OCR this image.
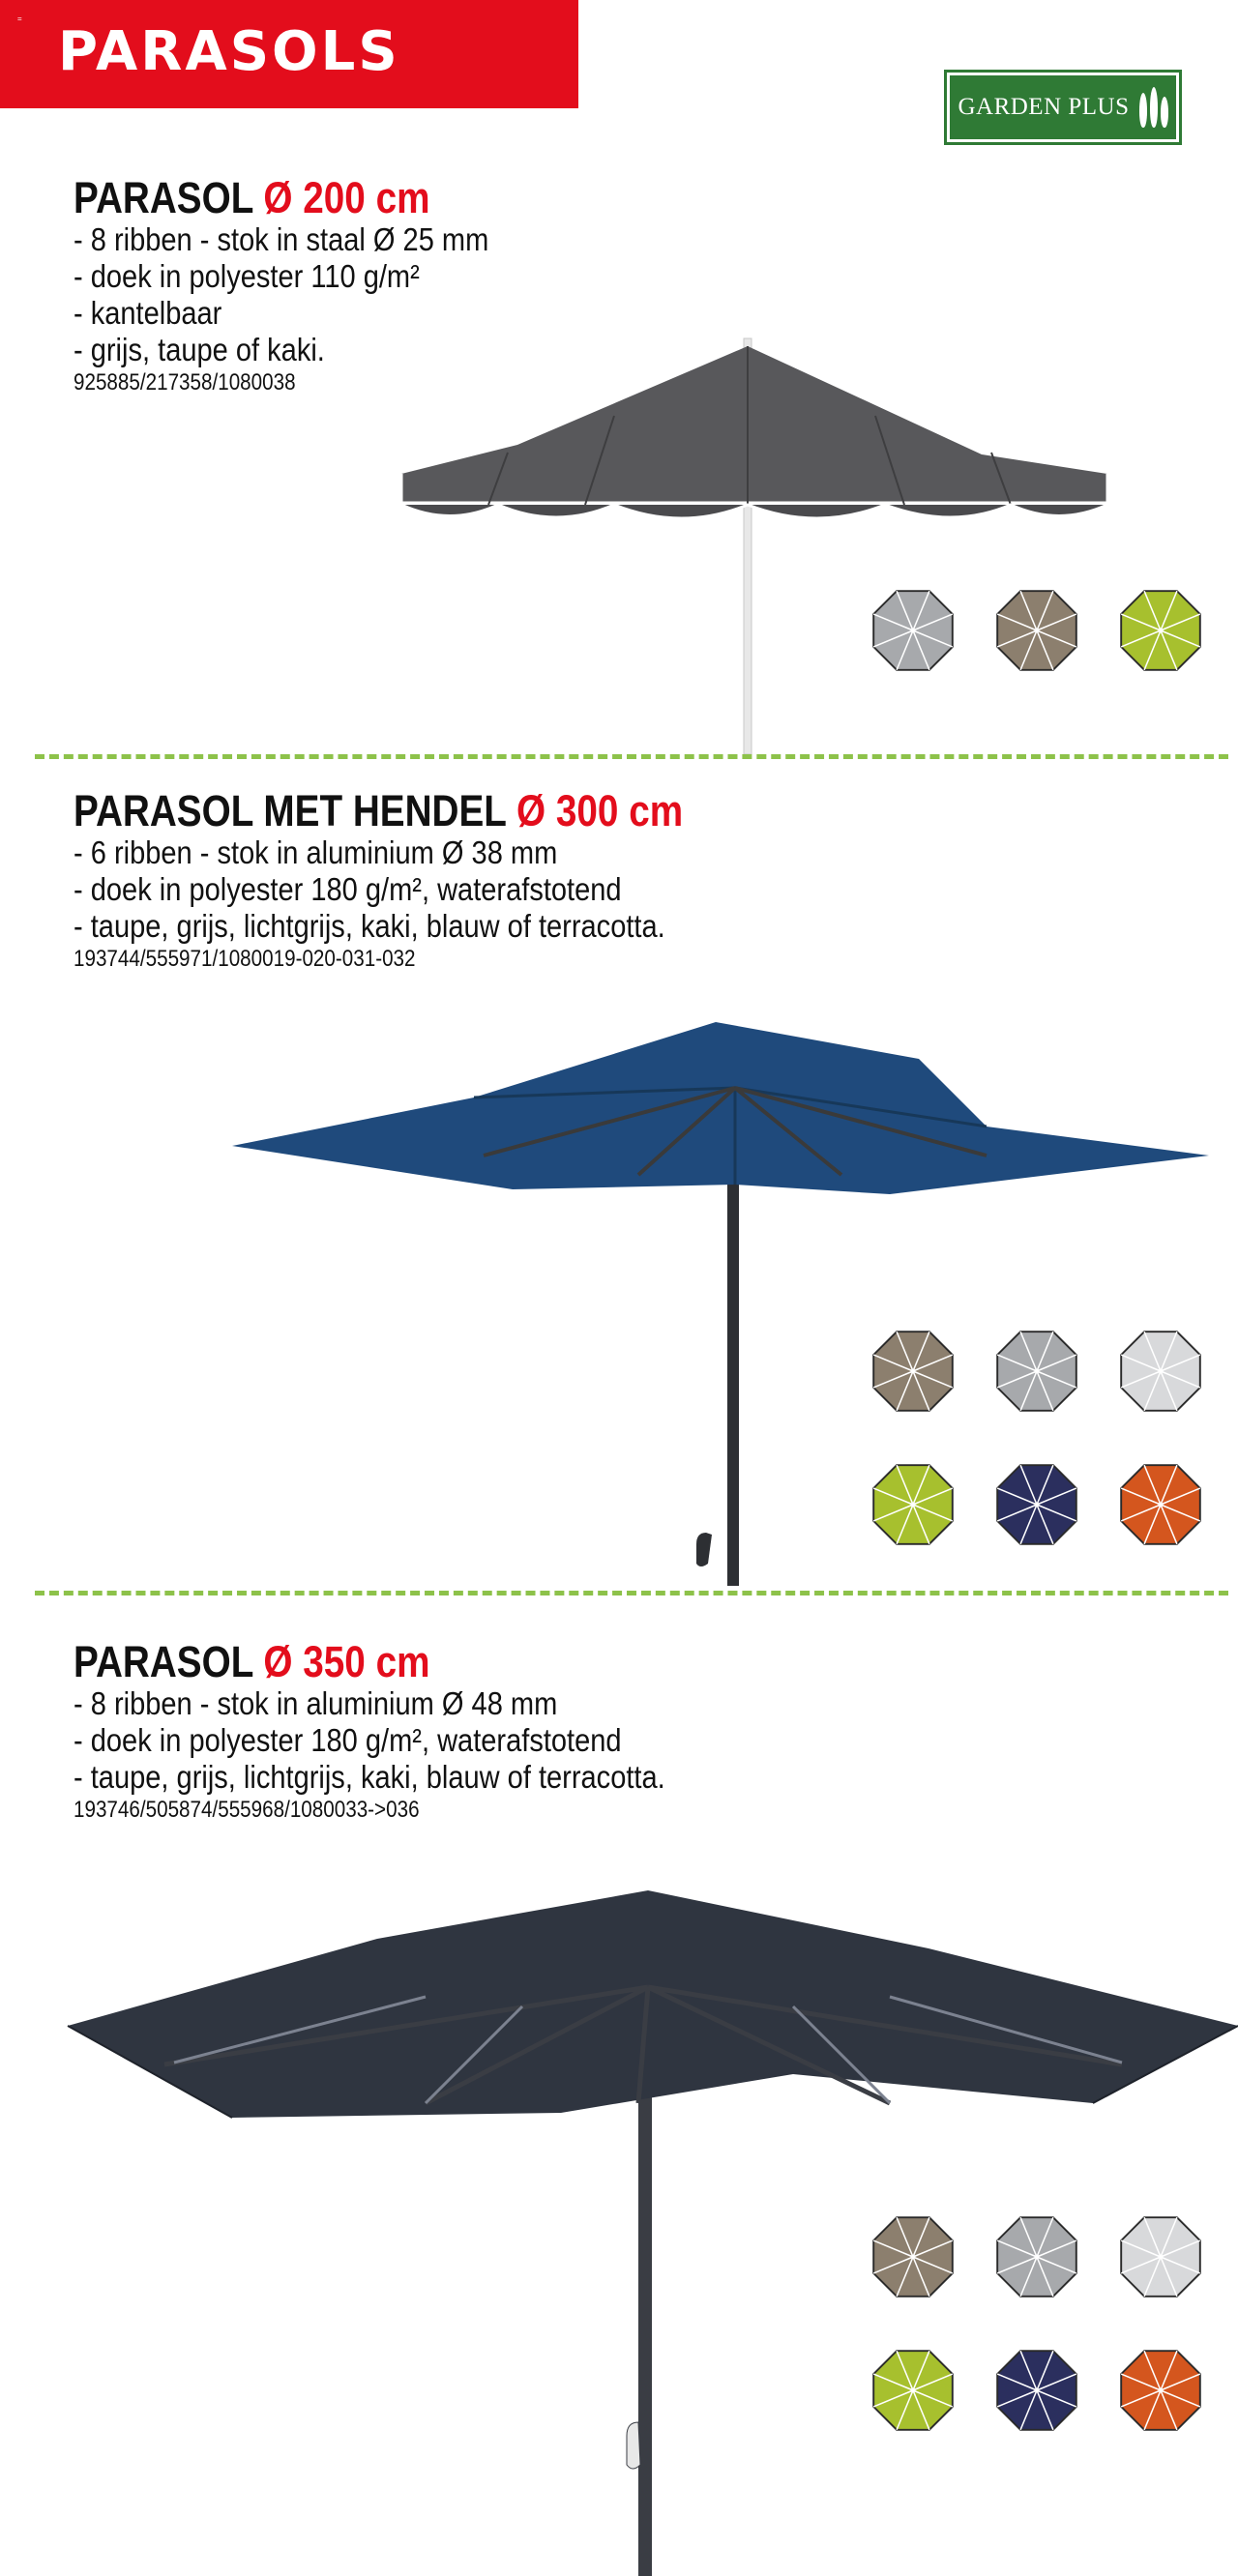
=
PARASOLS
GARDEN PLUS
PARASOL Ø 200 cm
- 8 ribben - stok in staal Ø 25 mm
- doek in polyester 110 g/m²
- kantelbaar
- grijs, taupe of kaki.
925885/217358/1080038
PARASOL MET HENDEL Ø 300 cm
- 6 ribben - stok in aluminium Ø 38 mm
- doek in polyester 180 g/m², waterafstotend
- taupe, grijs, lichtgrijs, kaki, blauw of terracotta.
193744/555971/1080019-020-031-032
PARASOL Ø 350 cm
- 8 ribben - stok in aluminium Ø 48 mm
- doek in polyester 180 g/m², waterafstotend
- taupe, grijs, lichtgrijs, kaki, blauw of terracotta.
193746/505874/555968/1080033->036
